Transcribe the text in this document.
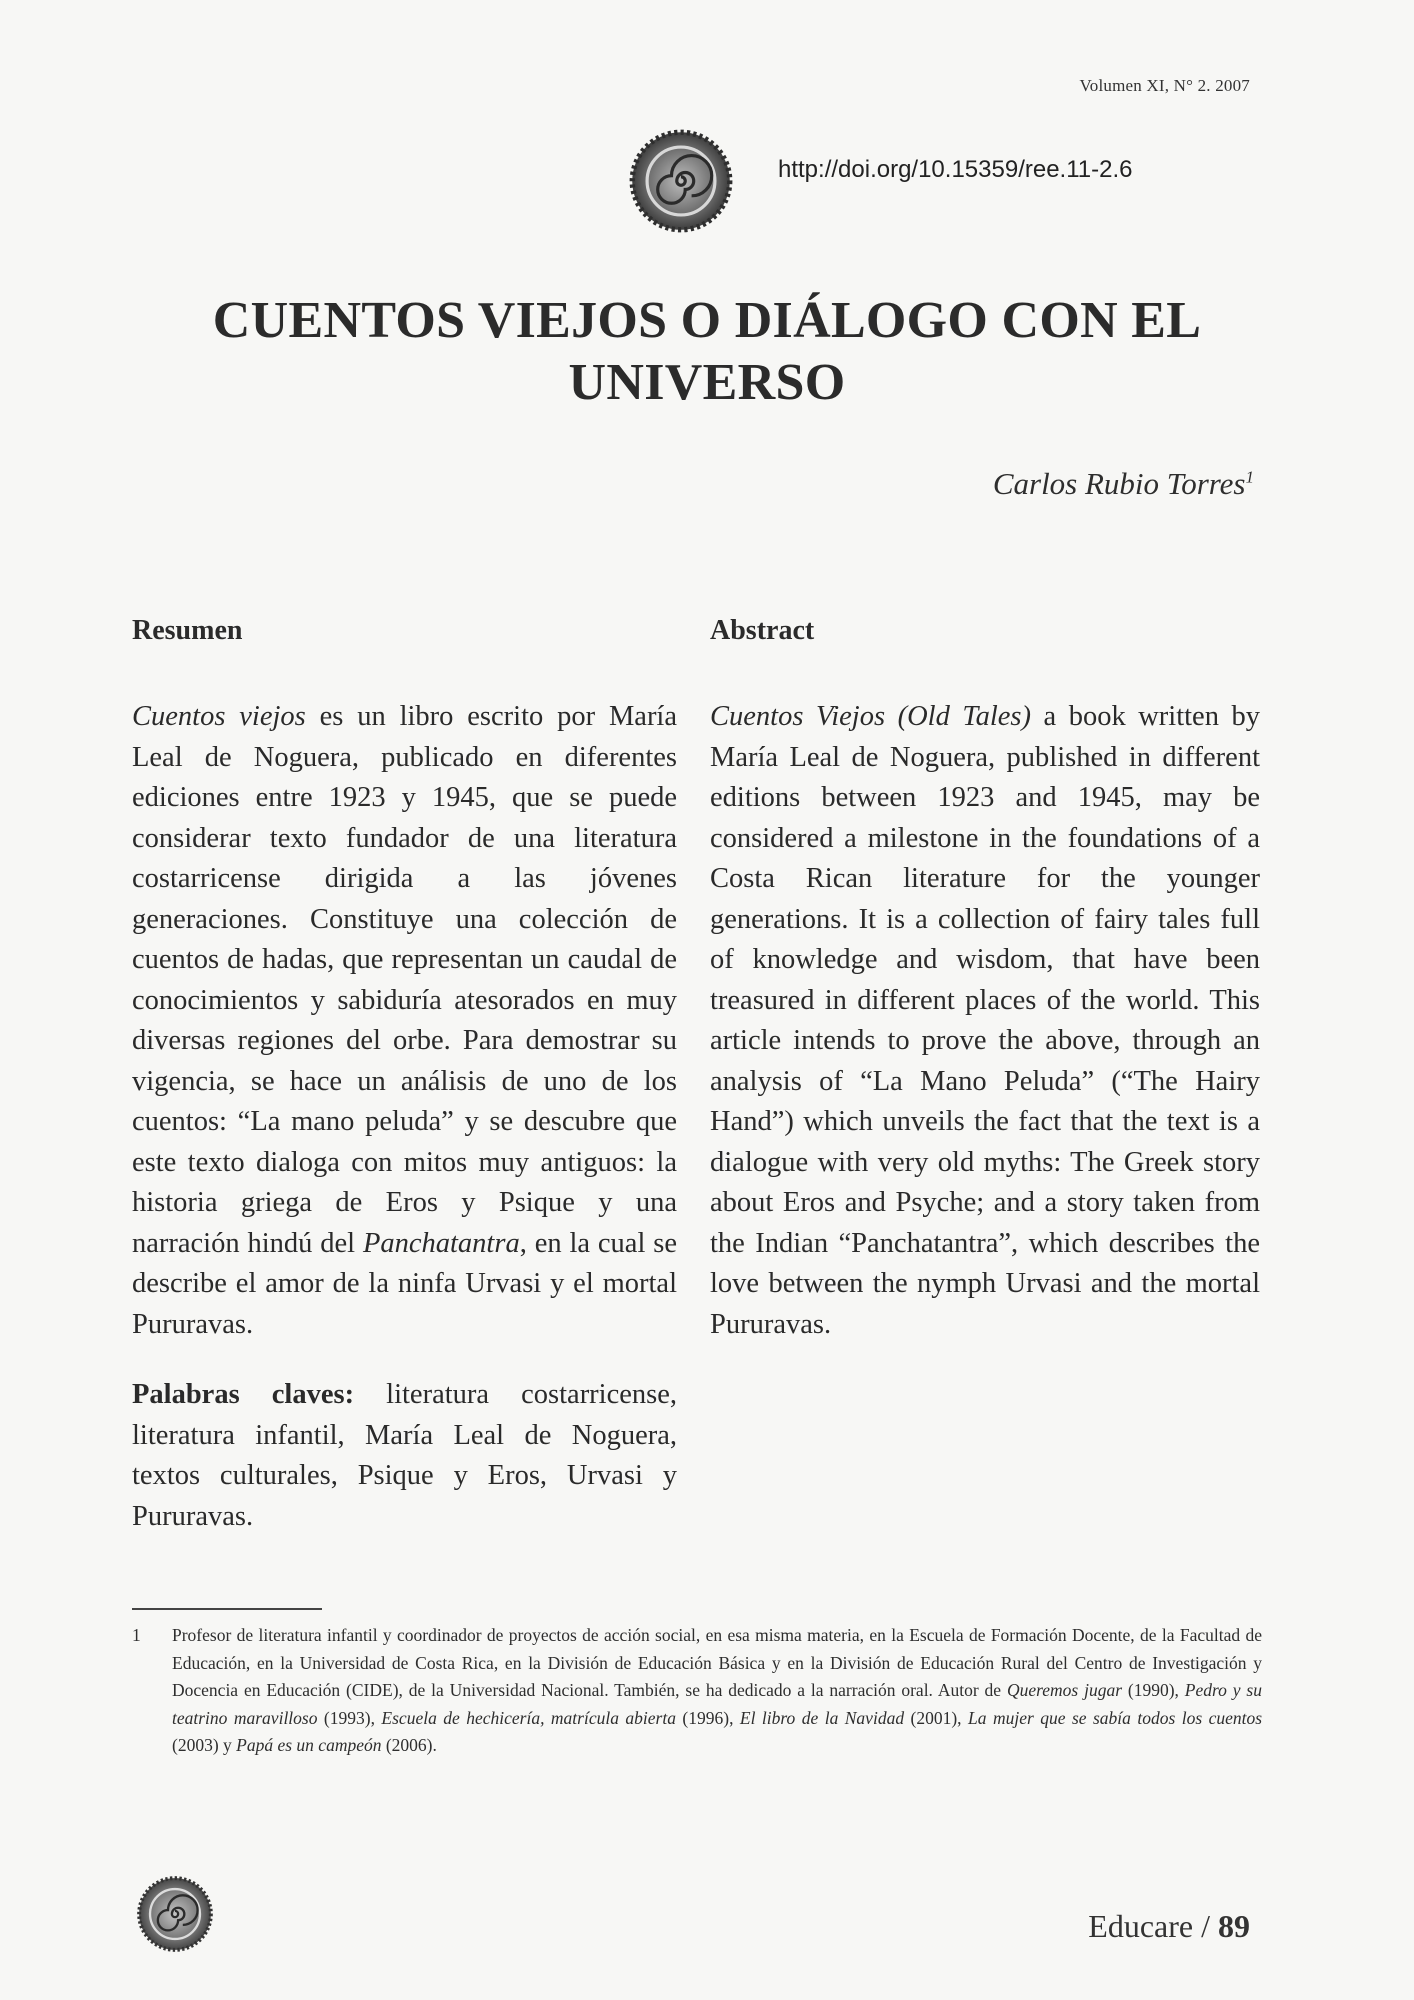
Volumen XI, N° 2. 2007
http://doi.org/10.15359/ree.11-2.6
CUENTOS VIEJOS O DIÁLOGO CON EL UNIVERSO
Carlos Rubio Torres$^1$
Resumen

Cuentos viejos es un libro escrito por María Leal de Noguera, publicado en diferentes ediciones entre 1923 y 1945, que se puede considerar texto fundador de una literatura costarricense dirigida a las jóvenes generaciones. Constituye una colección de cuentos de hadas, que representan un caudal de conocimientos y sabiduría atesorados en muy diversas regiones del orbe. Para demostrar su vigencia, se hace un análisis de uno de los cuentos: “La mano peluda” y se descubre que este texto dialoga con mitos muy antiguos: la historia griega de Eros y Psique y una narración hindú del Panchatantra, en la cual se describe el amor de la ninfa Urvasi y el mortal Pururavas.

Palabras claves: literatura costarricense, literatura infantil, María Leal de Noguera, textos culturales, Psique y Eros, Urvasi y Pururavas.

Abstract

Cuentos Viejos (Old Tales) a book written by María Leal de Noguera, published in different editions between 1923 and 1945, may be considered a milestone in the foundations of a Costa Rican literature for the younger generations. It is a collection of fairy tales full of knowledge and wisdom, that have been treasured in different places of the world. This article intends to prove the above, through an analysis of “La Mano Peluda” (“The Hairy Hand”) which unveils the fact that the text is a dialogue with very old myths: The Greek story about Eros and Psyche; and a story taken from the Indian “Panchatantra”, which describes the love between the nymph Urvasi and the mortal Pururavas.

1	Profesor de literatura infantil y coordinador de proyectos de acción social, en esa misma materia, en la Escuela de Formación Docente, de la Facultad de Educación, en la Universidad de Costa Rica, en la División de Educación Básica y en la División de Educación Rural del Centro de Investigación y Docencia en Educación (CIDE), de la Universidad Nacional. También, se ha dedicado a la narración oral. Autor de Queremos jugar (1990), Pedro y su teatrino maravilloso (1993), Escuela de hechicería, matrícula abierta (1996), El libro de la Navidad (2001), La mujer que se sabía todos los cuentos (2003) y Papá es un campeón (2006).
Educare / 89
